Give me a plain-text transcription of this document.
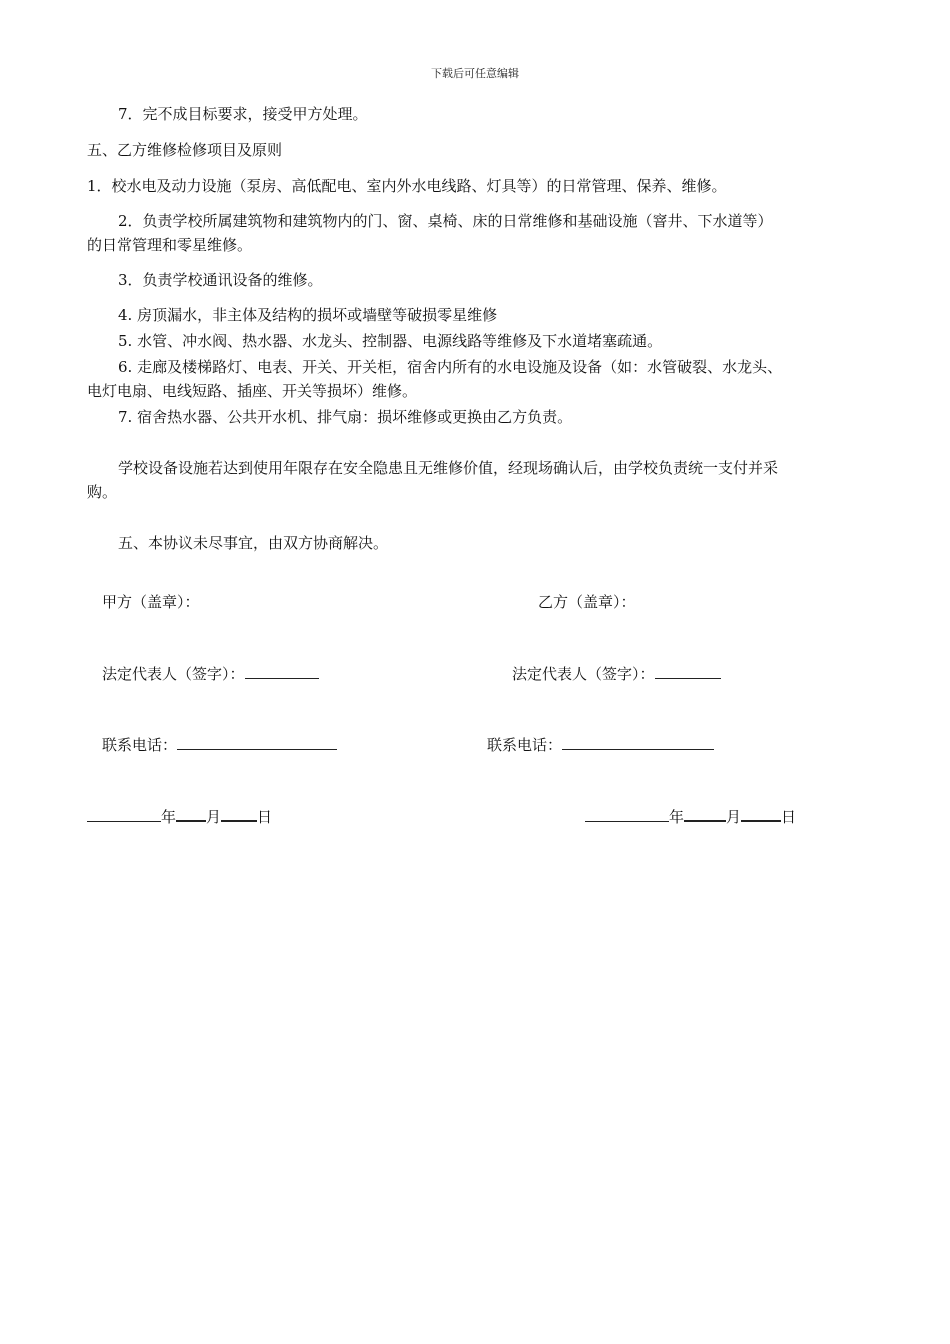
下载后可任意编辑
7．完不成目标要求，接受甲方处理。
五、乙方维修检修项目及原则
1．校水电及动力设施（泵房、高低配电、室内外水电线路、灯具等）的日常管理、保养、维修。
2．负责学校所属建筑物和建筑物内的门、窗、桌椅、床的日常维修和基础设施（窨井、下水道等）
的日常管理和零星维修。
3．负责学校通讯设备的维修。
4. 房顶漏水，非主体及结构的损坏或墙壁等破损零星维修
5. 水管、冲水阀、热水器、水龙头、控制器、电源线路等维修及下水道堵塞疏通。
6. 走廊及楼梯路灯、电表、开关、开关柜，宿舍内所有的水电设施及设备（如：水管破裂、水龙头、
电灯电扇、电线短路、插座、开关等损坏）维修。
7. 宿舍热水器、公共开水机、排气扇：损坏维修或更换由乙方负责。
学校设备设施若达到使用年限存在安全隐患且无维修价值，经现场确认后，由学校负责统一支付并采
购。
五、本协议未尽事宜，由双方协商解决。
甲方（盖章）：	乙方（盖章）：
法定代表人（签字）：	法定代表人（签字）：
联系电话：	联系电话：
年 月 日	年	月	日
